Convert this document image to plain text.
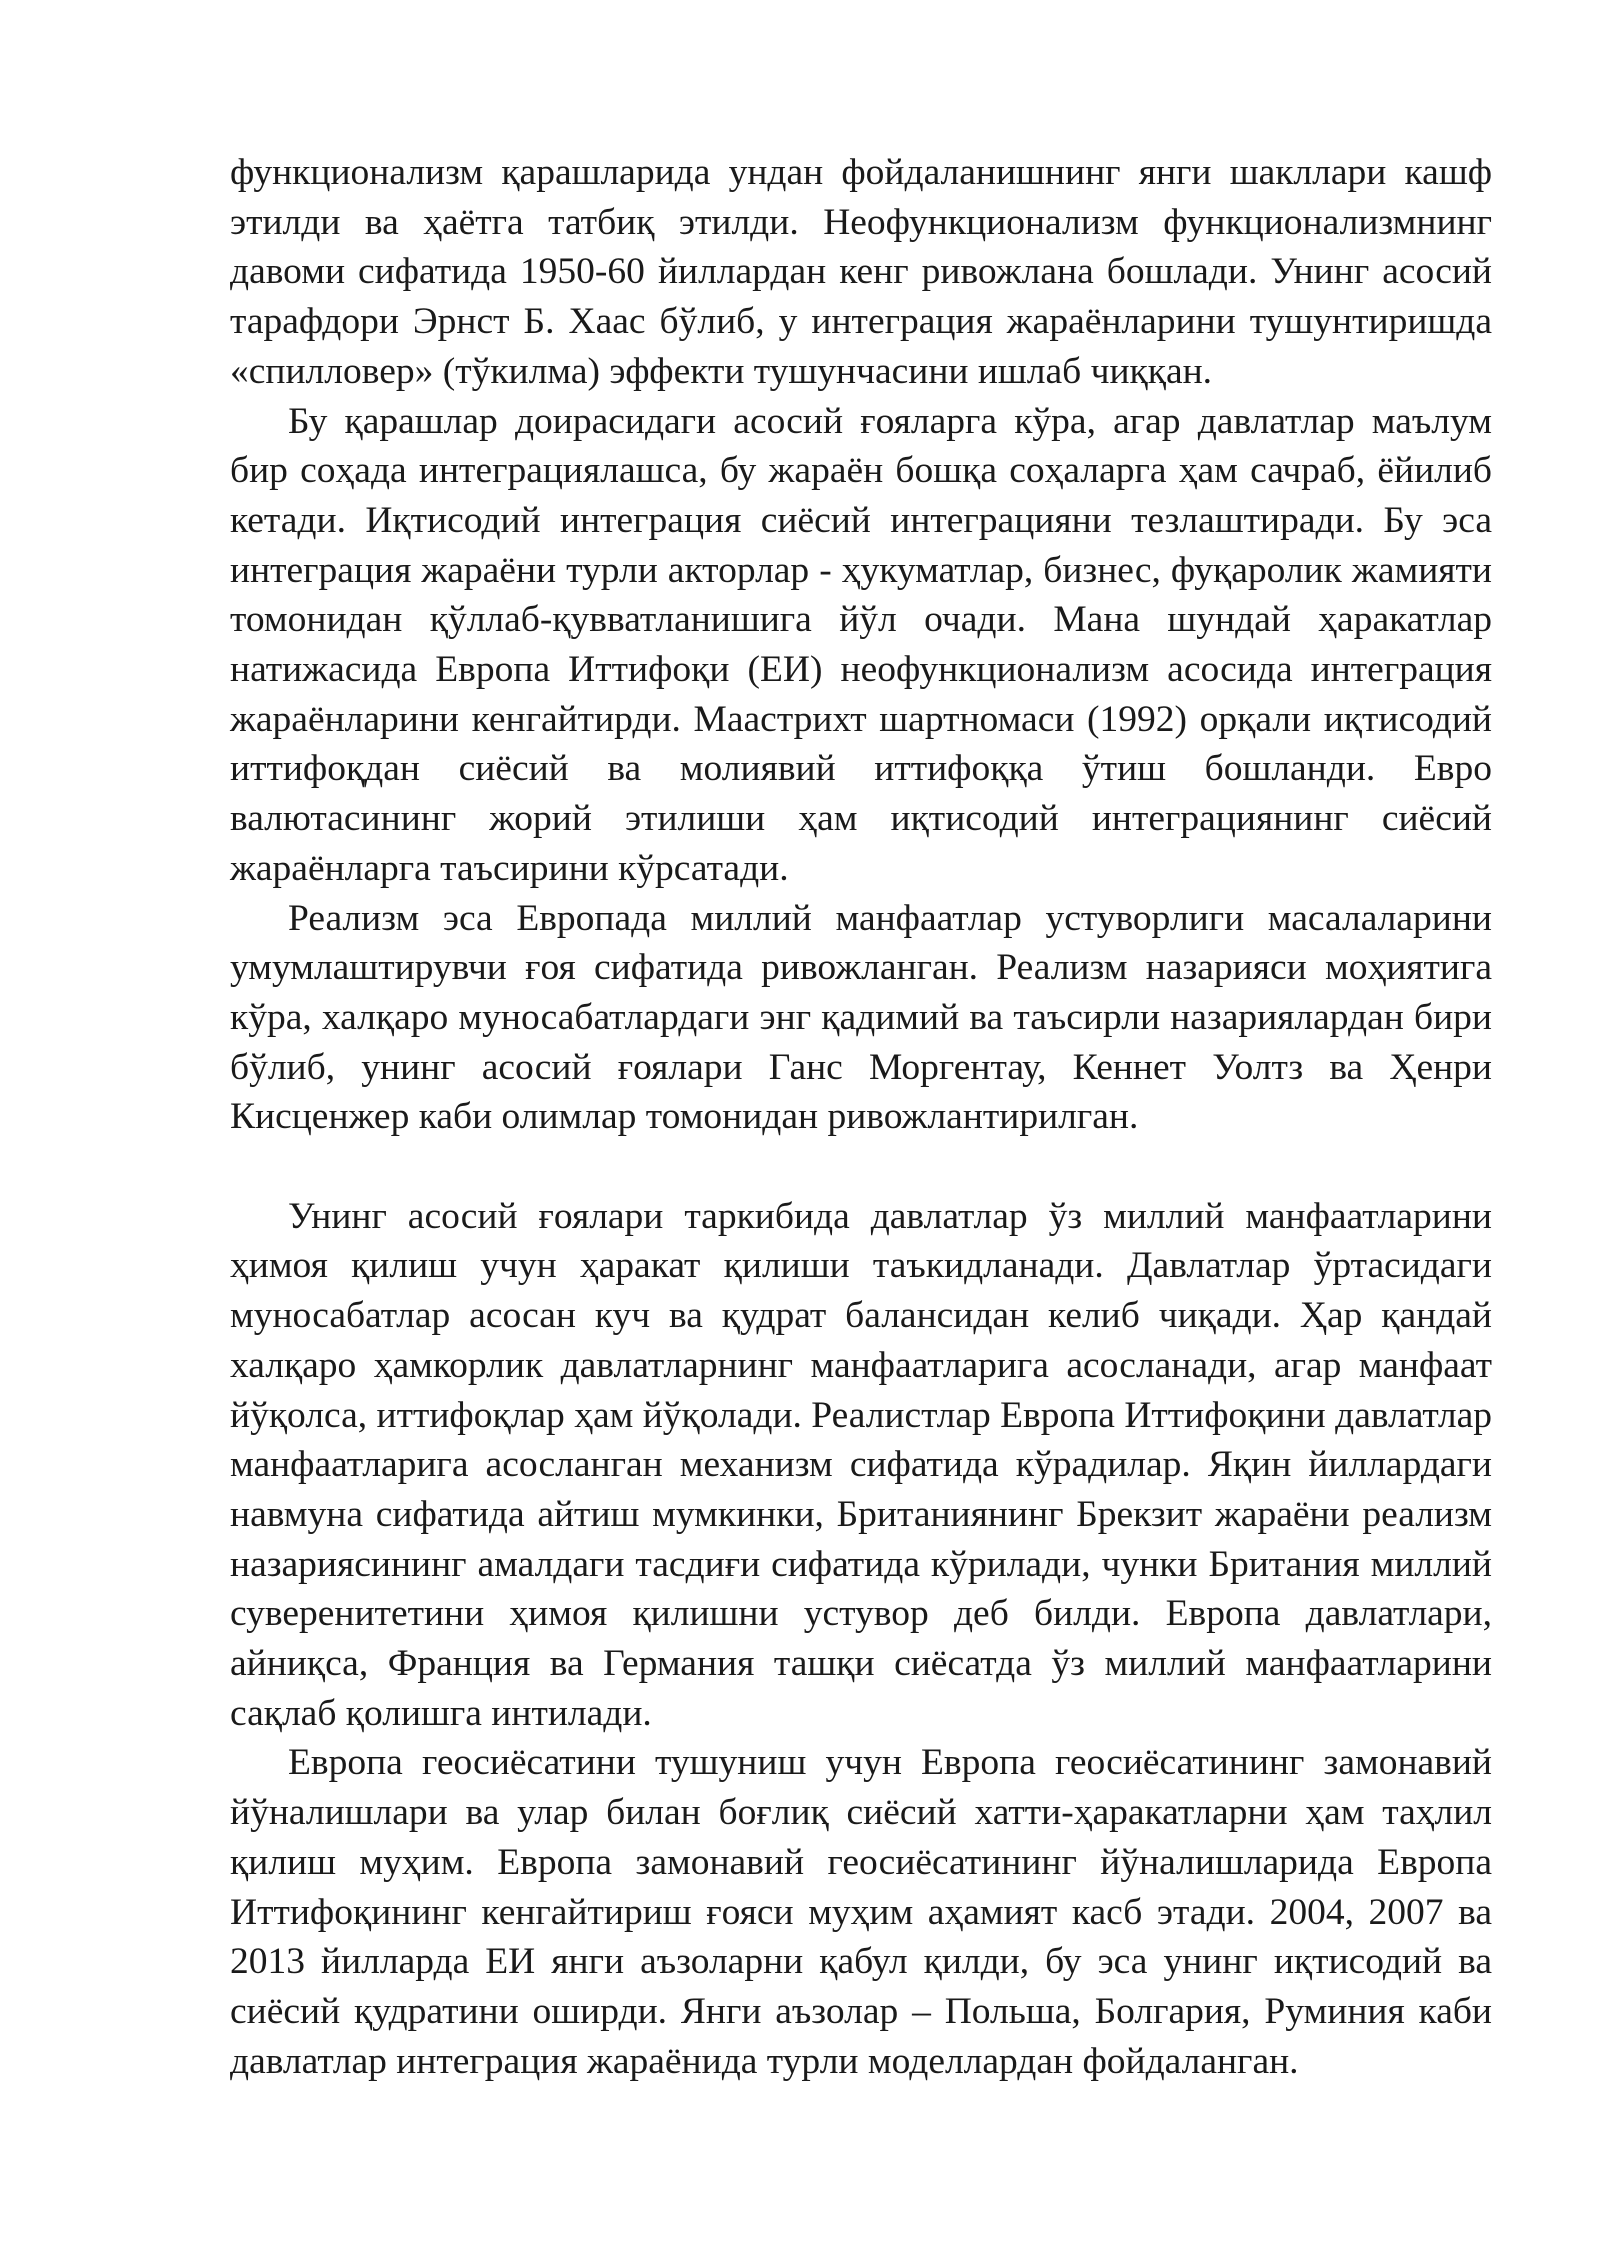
функционализм қарашларида ундан фойдаланишнинг янги шакллари кашф этилди ва ҳаётга татбиқ этилди. Неофункционализм функционализмнинг давоми сифатида 1950-60 йиллардан кенг ривожлана бошлади. Унинг асосий тарафдори Эрнст Б. Хаас бўлиб, у интеграция жараёнларини тушунтиришда «спилловер» (тўкилма) эффекти тушунчасини ишлаб чиққан.

Бу қарашлар доирасидаги асосий ғояларга кўра, агар давлатлар маълум бир соҳада интеграциялашса, бу жараён бошқа соҳаларга ҳам сачраб, ёйилиб кетади. Иқтисодий интеграция сиёсий интеграцияни тезлаштиради. Бу эса интеграция жараёни турли акторлар - ҳукуматлар, бизнес, фуқаролик жамияти томонидан қўллаб-қувватланишига йўл очади. Мана шундай ҳаракатлар натижасида Европа Иттифоқи (ЕИ) неофункционализм асосида интеграция жараёнларини кенгайтирди. Маастрихт шартномаси (1992) орқали иқтисодий иттифоқдан сиёсий ва молиявий иттифоққа ўтиш бошланди. Евро валютасининг жорий этилиши ҳам иқтисодий интеграциянинг сиёсий жараёнларга таъсирини кўрсатади.

Реализм эса Европада миллий манфаатлар устуворлиги масалаларини умумлаштирувчи ғоя сифатида ривожланган. Реализм назарияси моҳиятига кўра, халқаро муносабатлардаги энг қадимий ва таъсирли назариялардан бири бўлиб, унинг асосий ғоялари Ганс Моргентау, Кеннет Уолтз ва Ҳенри Кисценжер каби олимлар томонидан ривожлантирилган.

Унинг асосий ғоялари таркибида давлатлар ўз миллий манфаатларини ҳимоя қилиш учун ҳаракат қилиши таъкидланади. Давлатлар ўртасидаги муносабатлар асосан куч ва қудрат балансидан келиб чиқади. Ҳар қандай халқаро ҳамкорлик давлатларнинг манфаатларига асосланади, агар манфаат йўқолса, иттифоқлар ҳам йўқолади. Реалистлар Европа Иттифоқини давлатлар манфаатларига асосланган механизм сифатида кўрадилар. Яқин йиллардаги навмуна сифатида айтиш мумкинки, Британиянинг Брекзит жараёни реализм назариясининг амалдаги тасдиғи сифатида кўрилади, чунки Британия миллий суверенитетини ҳимоя қилишни устувор деб билди. Европа давлатлари, айниқса, Франция ва Германия ташқи сиёсатда ўз миллий манфаатларини сақлаб қолишга интилади.

Европа геосиёсатини тушуниш учун Европа геосиёсатининг замонавий йўналишлари ва улар билан боғлиқ сиёсий хатти-ҳаракатларни ҳам таҳлил қилиш муҳим. Европа замонавий геосиёсатининг йўналишларида Европа Иттифоқининг кенгайтириш ғояси муҳим аҳамият касб этади. 2004, 2007 ва 2013 йилларда ЕИ янги аъзоларни қабул қилди, бу эса унинг иқтисодий ва сиёсий қудратини оширди. Янги аъзолар – Польша, Болгария, Руминия каби давлатлар интеграция жараёнида турли моделлардан фойдаланган.
